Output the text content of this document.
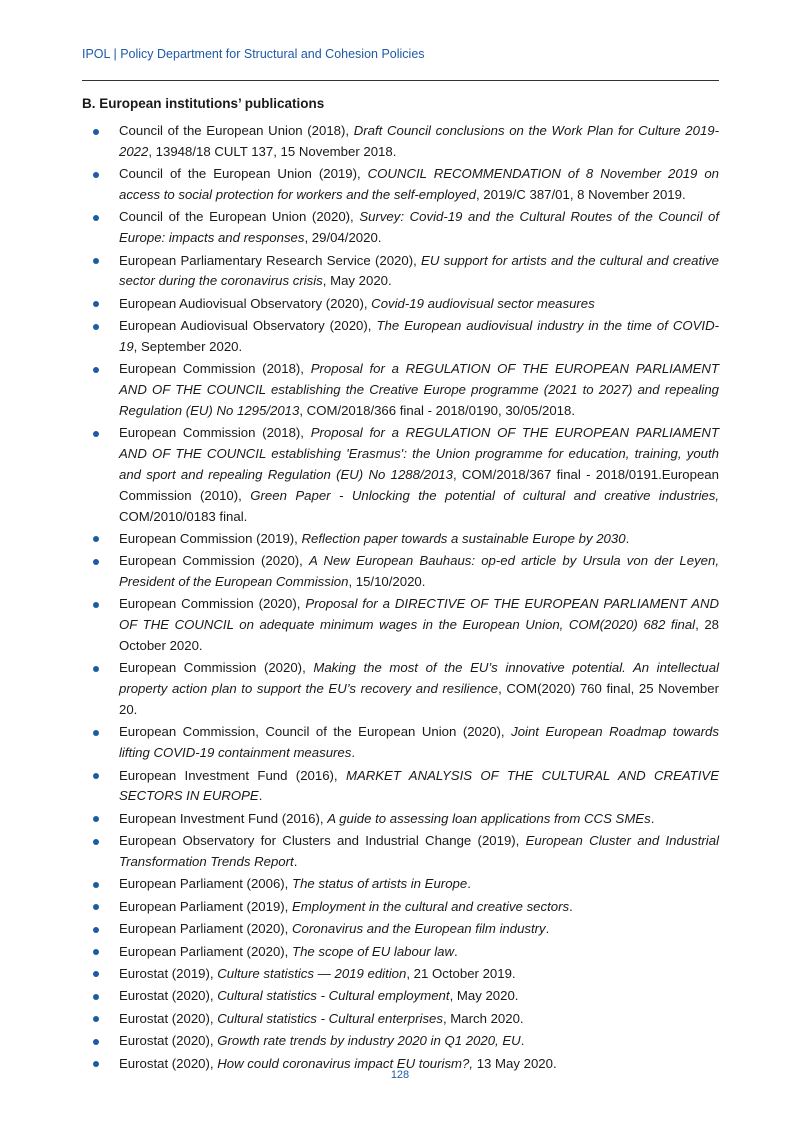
IPOL | Policy Department for Structural and Cohesion Policies
B. European institutions’ publications
Council of the European Union (2018), Draft Council conclusions on the Work Plan for Culture 2019-2022, 13948/18 CULT 137, 15 November 2018.
Council of the European Union (2019), COUNCIL RECOMMENDATION of 8 November 2019 on access to social protection for workers and the self-employed, 2019/C 387/01, 8 November 2019.
Council of the European Union (2020), Survey: Covid-19 and the Cultural Routes of the Council of Europe: impacts and responses, 29/04/2020.
European Parliamentary Research Service (2020), EU support for artists and the cultural and creative sector during the coronavirus crisis, May 2020.
European Audiovisual Observatory (2020), Covid-19 audiovisual sector measures
European Audiovisual Observatory (2020), The European audiovisual industry in the time of COVID-19, September 2020.
European Commission (2018), Proposal for a REGULATION OF THE EUROPEAN PARLIAMENT AND OF THE COUNCIL establishing the Creative Europe programme (2021 to 2027) and repealing Regulation (EU) No 1295/2013, COM/2018/366 final - 2018/0190, 30/05/2018.
European Commission (2018), Proposal for a REGULATION OF THE EUROPEAN PARLIAMENT AND OF THE COUNCIL establishing 'Erasmus': the Union programme for education, training, youth and sport and repealing Regulation (EU) No 1288/2013, COM/2018/367 final - 2018/0191.European Commission (2010), Green Paper - Unlocking the potential of cultural and creative industries, COM/2010/0183 final.
European Commission (2019), Reflection paper towards a sustainable Europe by 2030.
European Commission (2020), A New European Bauhaus: op-ed article by Ursula von der Leyen, President of the European Commission, 15/10/2020.
European Commission (2020), Proposal for a DIRECTIVE OF THE EUROPEAN PARLIAMENT AND OF THE COUNCIL on adequate minimum wages in the European Union, COM(2020) 682 final, 28 October 2020.
European Commission (2020), Making the most of the EU’s innovative potential. An intellectual property action plan to support the EU’s recovery and resilience, COM(2020) 760 final, 25 November 20.
European Commission, Council of the European Union (2020), Joint European Roadmap towards lifting COVID-19 containment measures.
European Investment Fund (2016), MARKET ANALYSIS OF THE CULTURAL AND CREATIVE SECTORS IN EUROPE.
European Investment Fund (2016), A guide to assessing loan applications from CCS SMEs.
European Observatory for Clusters and Industrial Change (2019), European Cluster and Industrial Transformation Trends Report.
European Parliament (2006), The status of artists in Europe.
European Parliament (2019), Employment in the cultural and creative sectors.
European Parliament (2020), Coronavirus and the European film industry.
European Parliament (2020), The scope of EU labour law.
Eurostat (2019), Culture statistics — 2019 edition, 21 October 2019.
Eurostat (2020), Cultural statistics - Cultural employment, May 2020.
Eurostat (2020), Cultural statistics - Cultural enterprises, March 2020.
Eurostat (2020), Growth rate trends by industry 2020 in Q1 2020, EU.
Eurostat (2020), How could coronavirus impact EU tourism?, 13 May 2020.
128
